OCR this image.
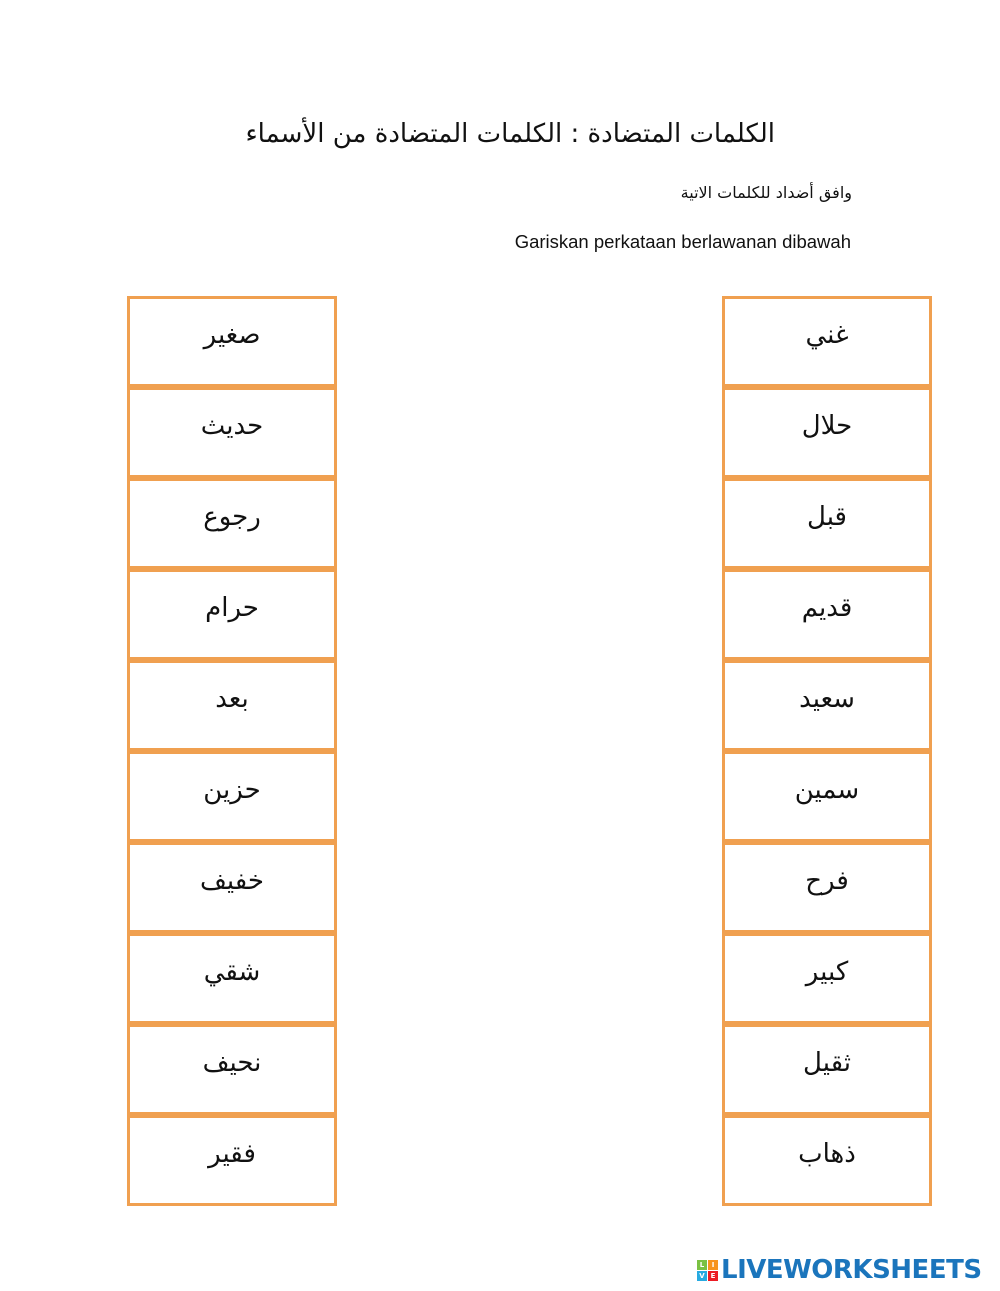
الكلمات المتضادة : الكلمات المتضادة من الأسماء
وافق أضداد للكلمات الاتية
Gariskan perkataan berlawanan dibawah
صغير
حديث
رجوع
حرام
بعد
حزين
خفيف
شقي
نحيف
فقير
غني
حلال
قبل
قديم
سعيد
سمين
فرح
كبير
ثقيل
ذهاب
L	I
V E LIVEWORKSHEETS
